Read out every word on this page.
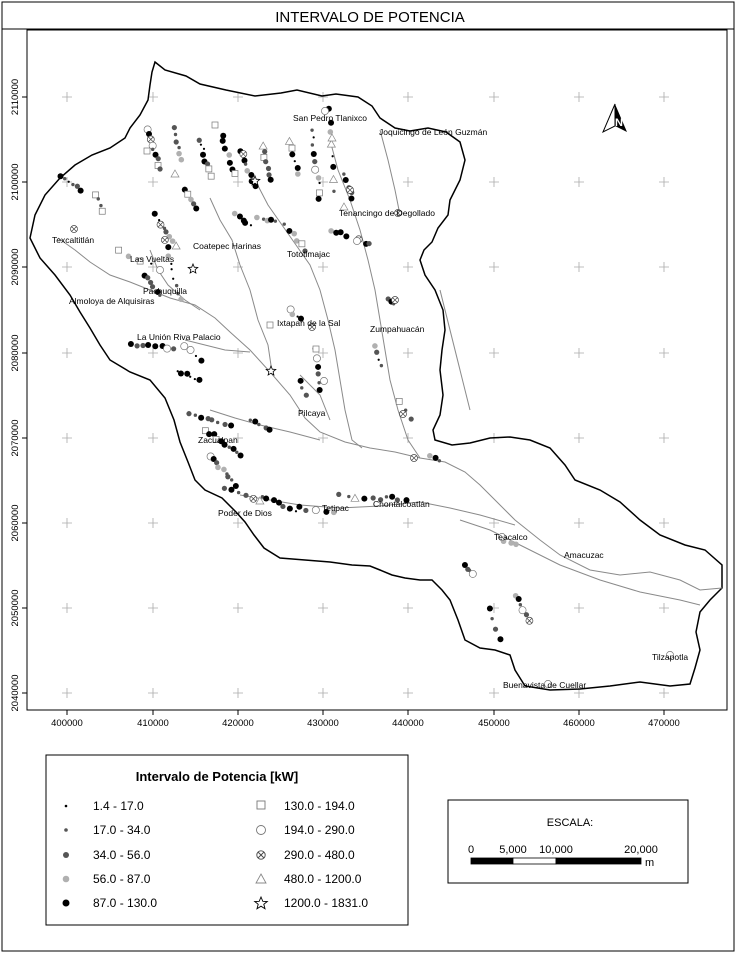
INTERVALO DE POTENCIA
San Pedro Tlanixco
Joquicingo de León Guzmán
Tenancingo de Degollado
Texcaltitlán
Coatepec Harinas
Tototlmajac
Las Vueltas
Pachuquilla
Almoloya de Alquisiras
Ixtapan de la Sal
Zumpahuacán
La Unión Riva Palacio
Pilcaya
Zacualpan
Poder de Dios	Tetipac	Chontalcoatlán
Teacalco
Amacuzac
Tilzapotla
Buenavista de Cuellar
400000	410000	420000	430000	440000	450000	460000	470000
2110000
2100000
2090000
2080000
2070000
2060000
2050000
2040000
N
Intervalo de Potencia [kW]
1.4 - 17.0
17.0 - 34.0
34.0 - 56.0
56.0 - 87.0
87.0 - 130.0
130.0 - 194.0
194.0 - 290.0
290.0 - 480.0
480.0 - 1200.0
1200.0 - 1831.0
ESCALA:
0 5,000 10,000	20,000
m
